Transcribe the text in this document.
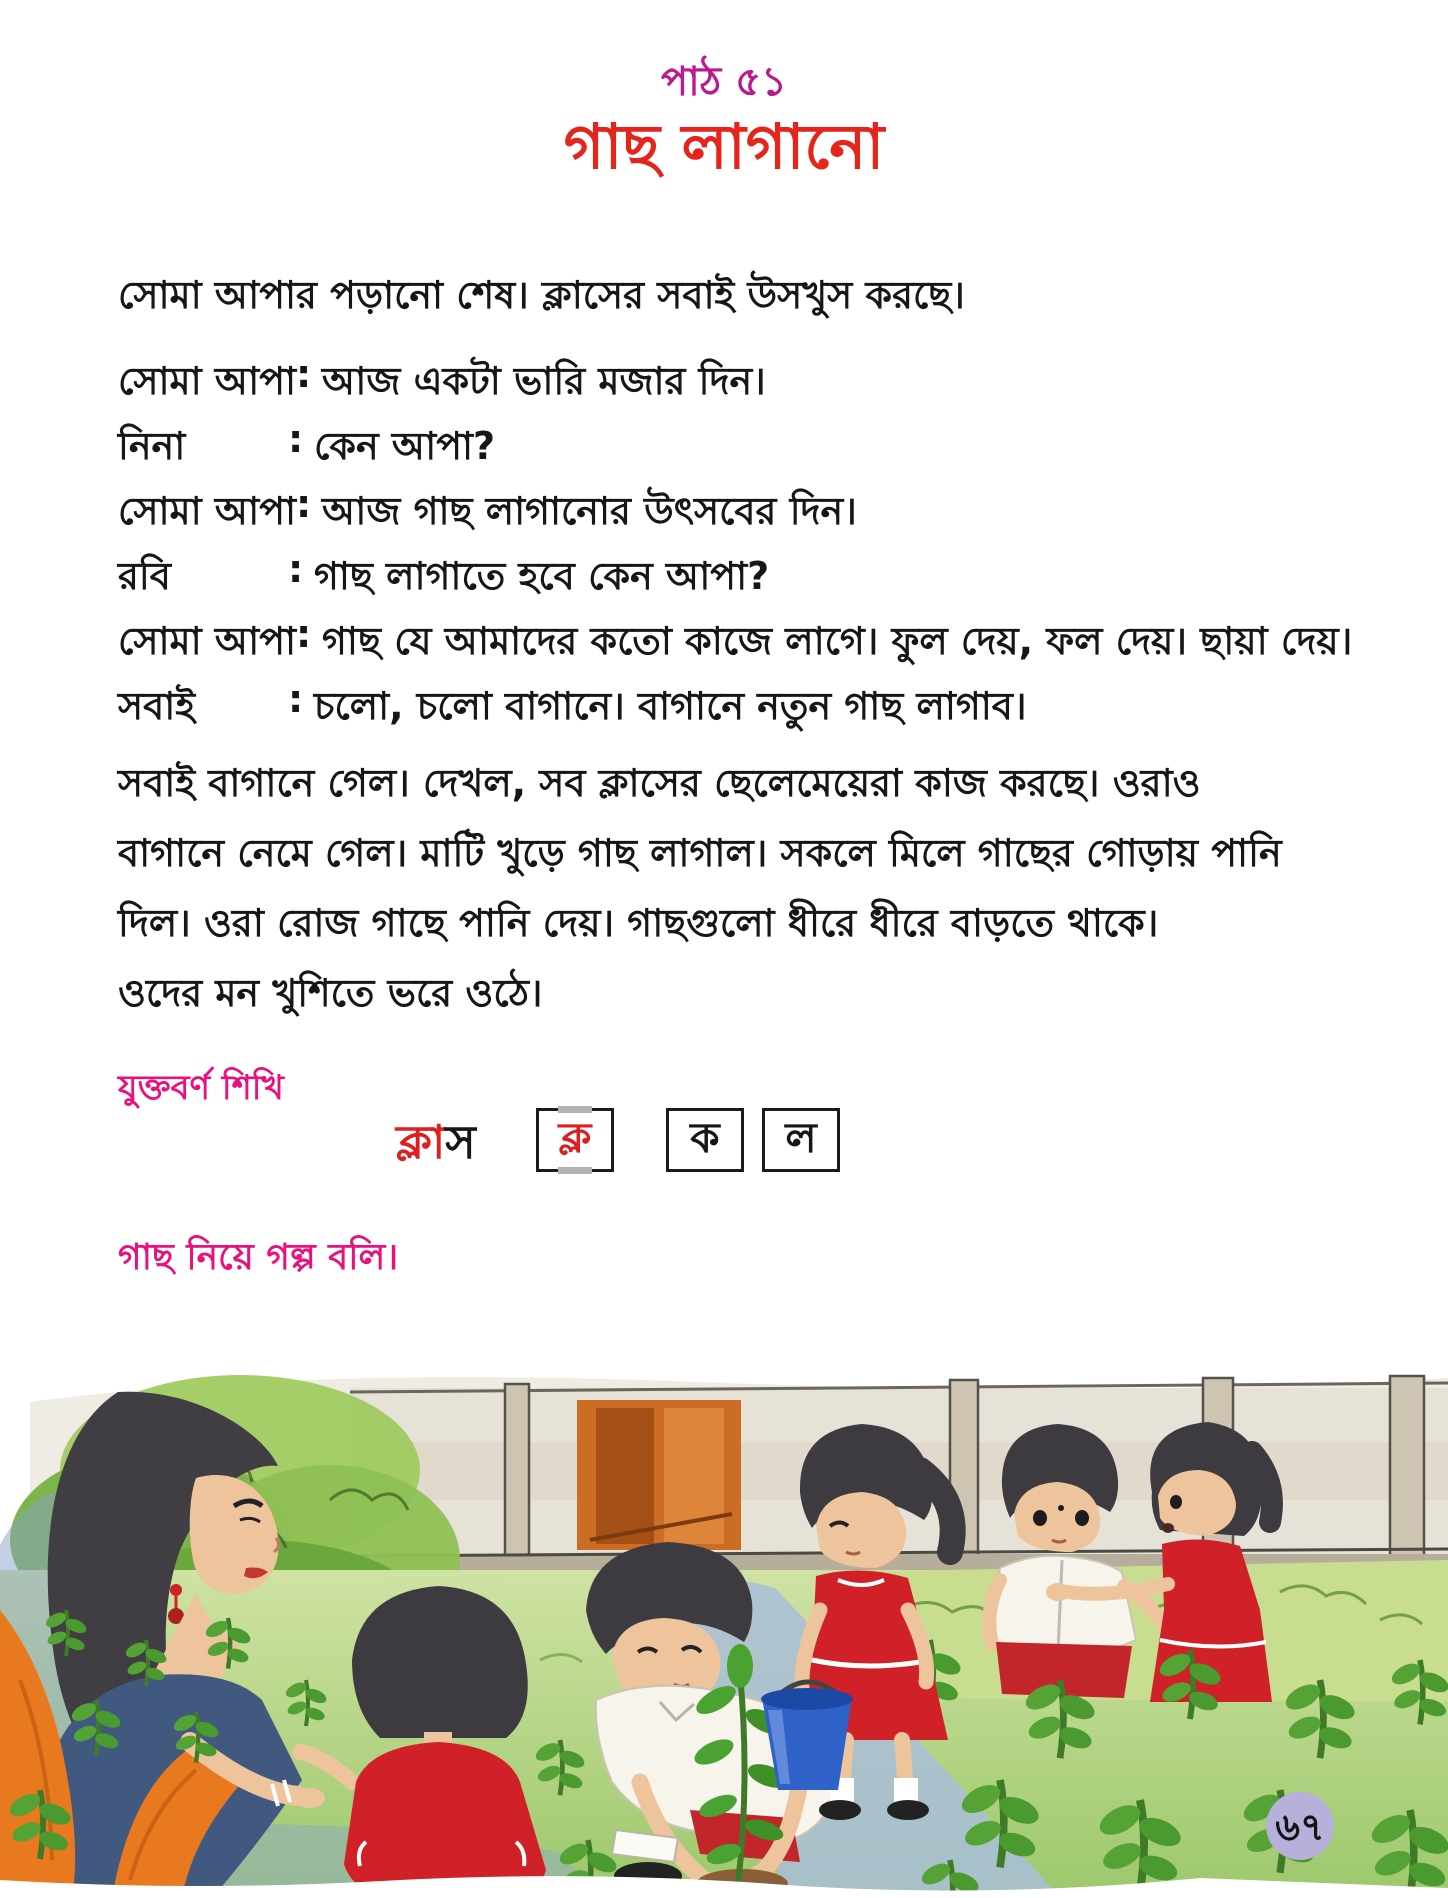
পাঠ ৫১
গাছ লাগানো
সোমা আপার পড়ানো শেষ। ক্লাসের সবাই উসখুস করছে।
সোমা আপা : আজ একটা ভারি মজার দিন।
নিনা	: কেন আপা?
সোমা আপা : আজ গাছ লাগানোর উৎসবের দিন।
রবি	: গাছ লাগাতে হবে কেন আপা?
সোমা আপা : গাছ যে আমাদের কতো কাজে লাগে। ফুল দেয়, ফল দেয়। ছায়া দেয়।
সবাই	: চলো, চলো বাগানে। বাগানে নতুন গাছ লাগাব।
সবাই বাগানে গেল। দেখল, সব ক্লাসের ছেলেমেয়েরা কাজ করছে। ওরাও
বাগানে নেমে গেল। মাটি খুড়ে গাছ লাগাল। সকলে মিলে গাছের গোড়ায় পানি
দিল। ওরা রোজ গাছে পানি দেয়। গাছগুলো ধীরে ধীরে বাড়তে থাকে।
ওদের মন খুশিতে ভরে ওঠে।
যুক্তবর্ণ শিখি
ক্লাস	ক্ল	ক	ল
গাছ নিয়ে গল্প বলি।
৬৭
